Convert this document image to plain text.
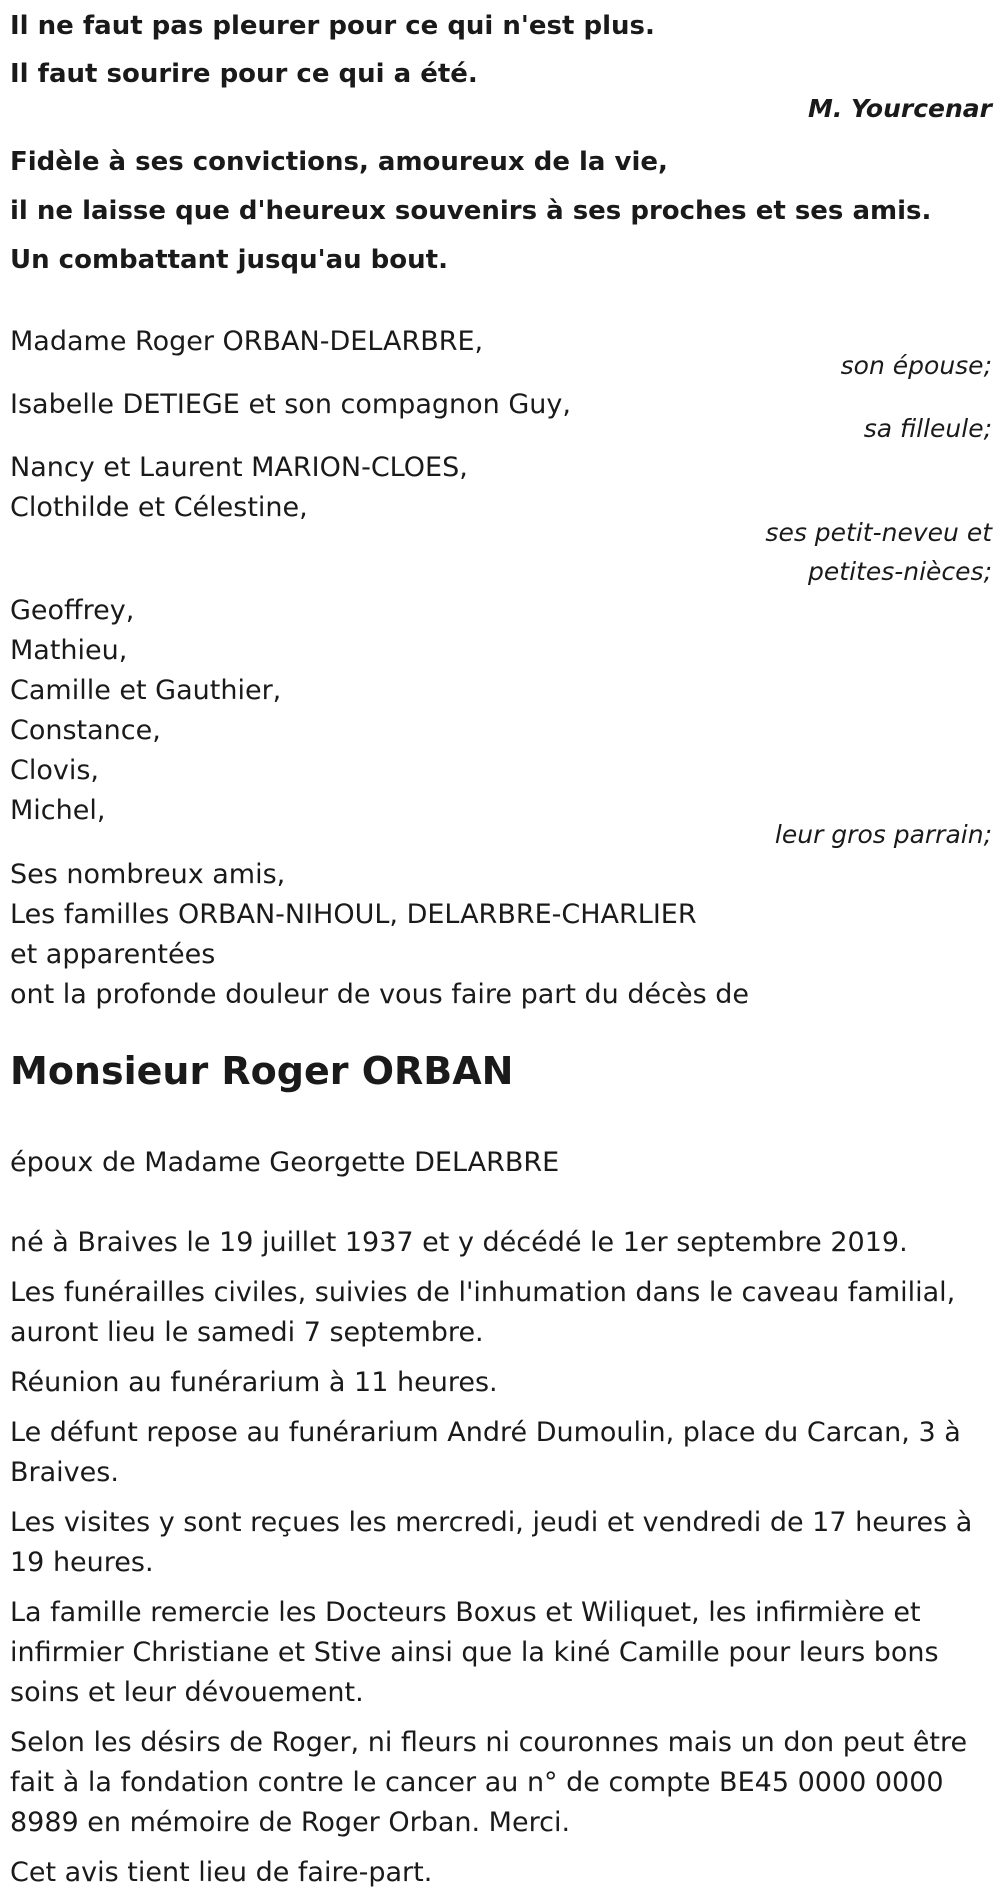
Il ne faut pas pleurer pour ce qui n'est plus.

Il faut sourire pour ce qui a été.

M. Yourcenar

Fidèle à ses convictions, amoureux de la vie,

il ne laisse que d'heureux souvenirs à ses proches et ses amis.

Un combattant jusqu'au bout.

Madame Roger ORBAN-DELARBRE,
son épouse;
Isabelle DETIEGE et son compagnon Guy,
sa filleule;
Nancy et Laurent MARION-CLOES,
Clothilde et Célestine,
ses petit-neveu et
petites-nièces;
Geoffrey,
Mathieu,
Camille et Gauthier,
Constance,
Clovis,
Michel,
leur gros parrain;
Ses nombreux amis,
Les familles ORBAN-NIHOUL, DELARBRE-CHARLIER
et apparentées
ont la profonde douleur de vous faire part du décès de
Monsieur Roger ORBAN
époux de Madame Georgette DELARBRE
né à Braives le 19 juillet 1937 et y décédé le 1er septembre 2019.
Les funérailles civiles, suivies de l'inhumation dans le caveau familial, auront lieu le samedi 7 septembre.
Réunion au funérarium à 11 heures.
Le défunt repose au funérarium André Dumoulin, place du Carcan, 3 à Braives.
Les visites y sont reçues les mercredi, jeudi et vendredi de 17 heures à 19 heures.
La famille remercie les Docteurs Boxus et Wiliquet, les infirmière et infirmier Christiane et Stive ainsi que la kiné Camille pour leurs bons soins et leur dévouement.
Selon les désirs de Roger, ni fleurs ni couronnes mais un don peut être fait à la fondation contre le cancer au n° de compte BE45 0000 0000 8989 en mémoire de Roger Orban. Merci.
Cet avis tient lieu de faire-part.
